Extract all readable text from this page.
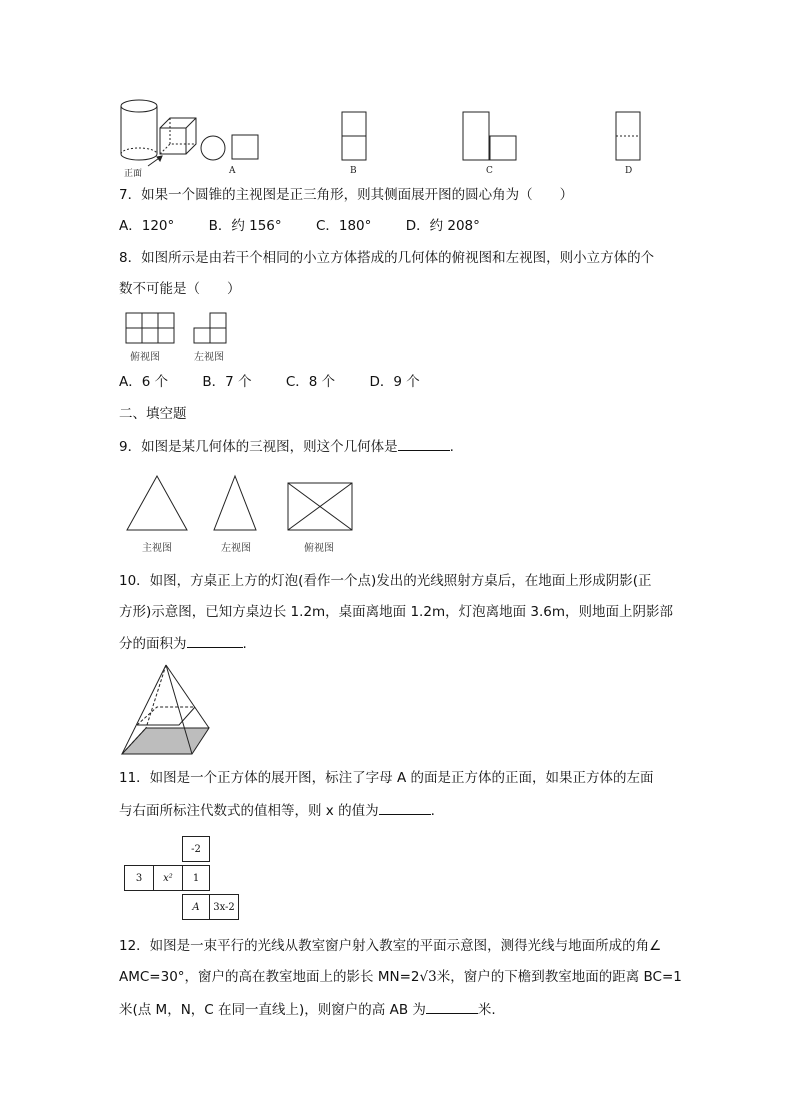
正面	A	B	C	D
7．如果一个圆锥的主视图是正三角形，则其侧面展开图的圆心角为（　　）
A．120°	B．约 156°	C．180°	D．约 208°
8．如图所示是由若干个相同的小立方体搭成的几何体的俯视图和左视图，则小立方体的个
数不可能是（　　）
俯视图	左视图
A．6 个	B．7 个	C．8 个	D．9 个
二、填空题
9．如图是某几何体的三视图，则这个几何体是	.
主视图	左视图	俯视图
10．如图，方桌正上方的灯泡(看作一个点)发出的光线照射方桌后，在地面上形成阴影(正
方形)示意图，已知方桌边长 1.2m，桌面离地面 1.2m，灯泡离地面 3.6m，则地面上阴影部
分的面积为	.
11．如图是一个正方体的展开图，标注了字母 A 的面是正方体的正面，如果正方体的左面
与右面所标注代数式的值相等，则 x 的值为	.
-2
3	x²	1
A	3x-2
12．如图是一束平行的光线从教室窗户射入教室的平面示意图，测得光线与地面所成的角∠
AMC=30°，窗户的高在教室地面上的影长 MN=2√3米，窗户的下檐到教室地面的距离 BC=1
米(点 M，N，C 在同一直线上)，则窗户的高 AB 为	米.
